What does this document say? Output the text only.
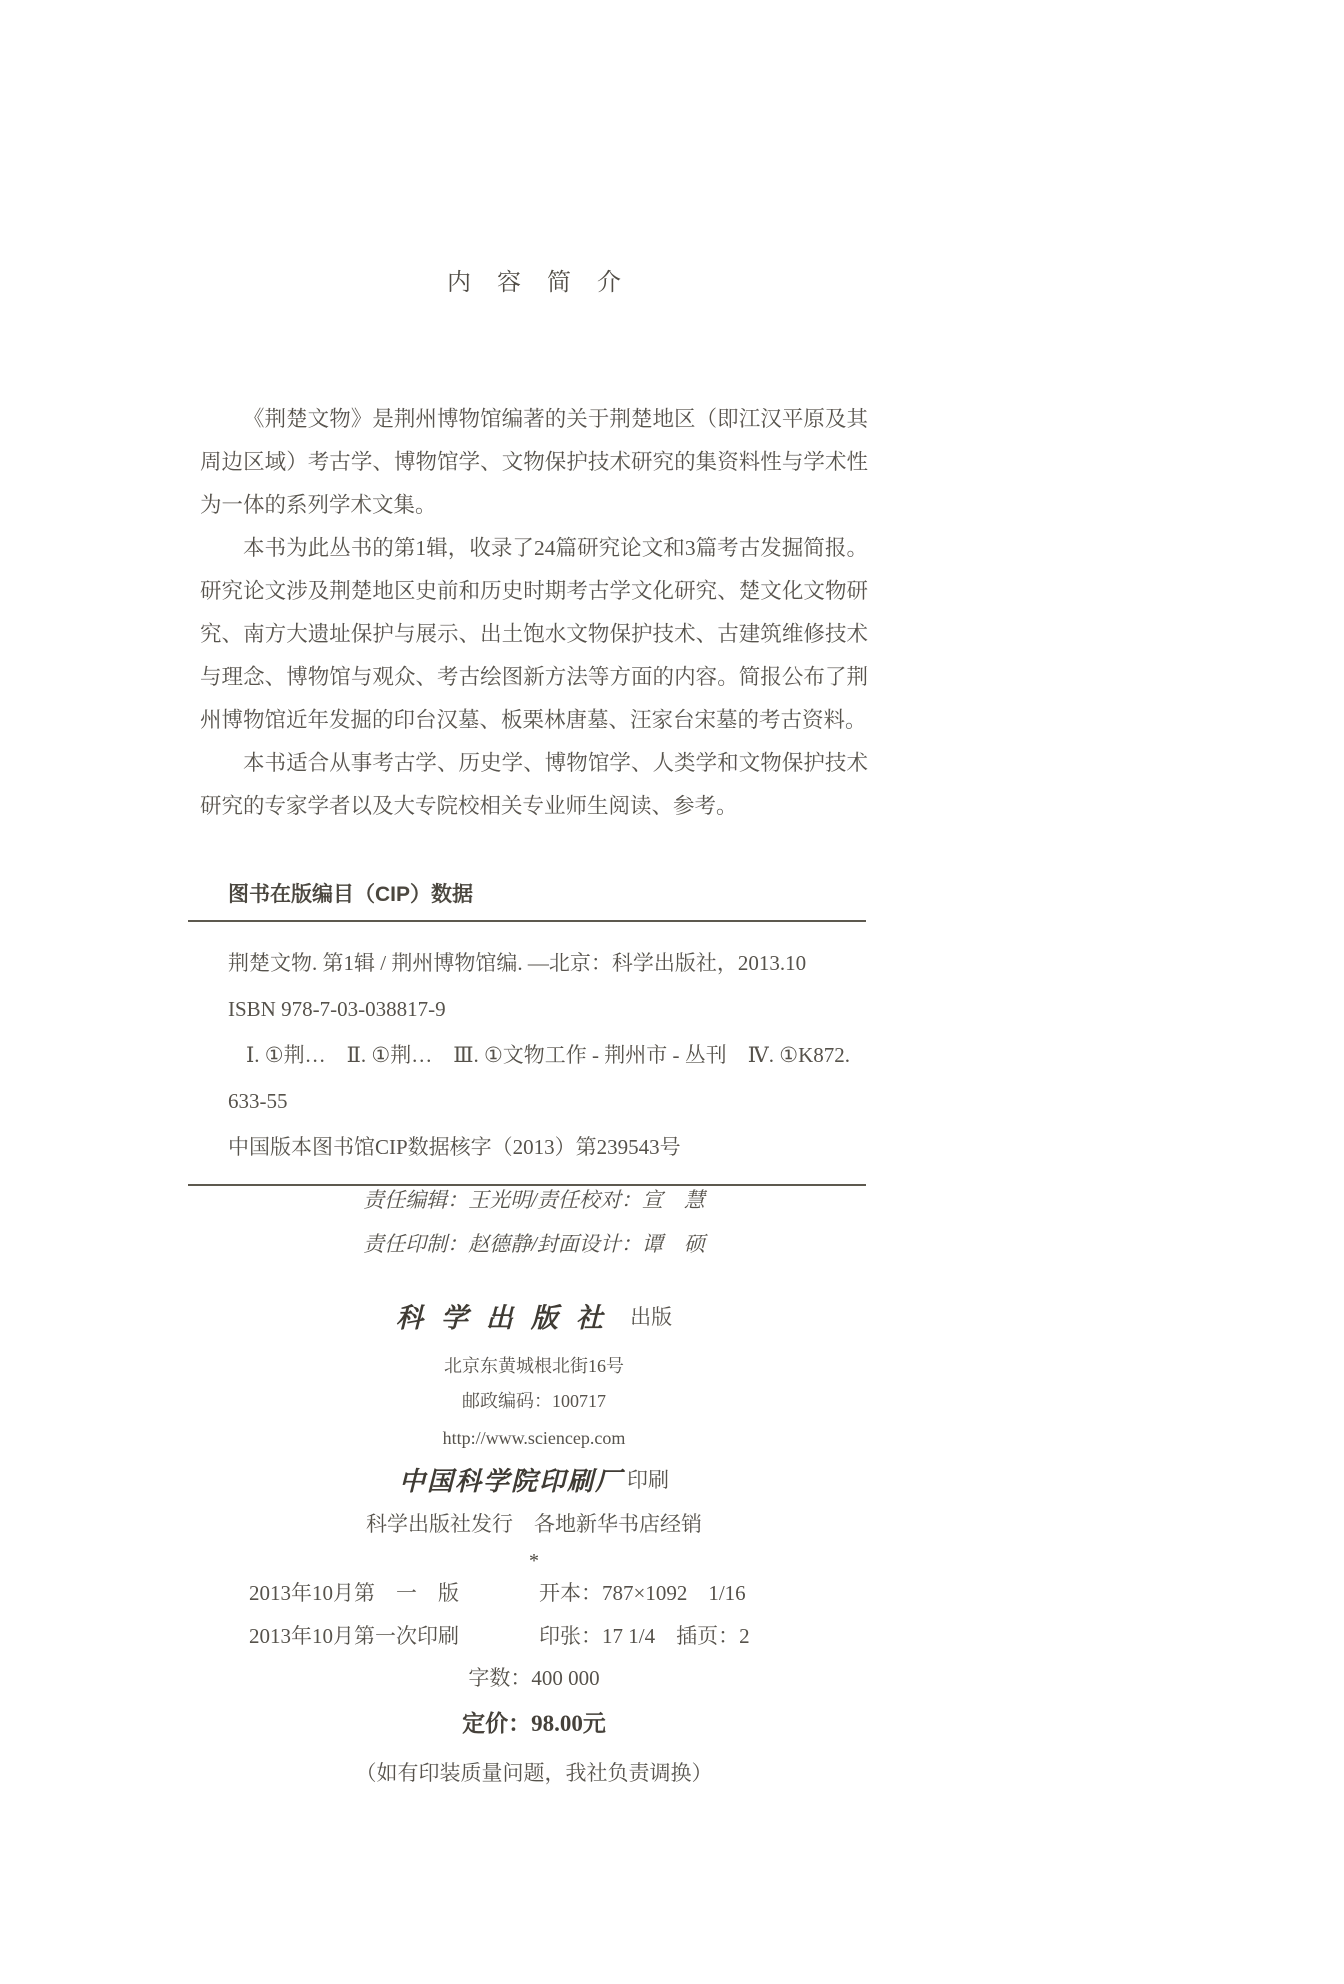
内容简介

《荆楚文物》是荆州博物馆编著的关于荆楚地区（即江汉平原及其周边区域）考古学、博物馆学、文物保护技术研究的集资料性与学术性为一体的系列学术文集。

本书为此丛书的第1辑，收录了24篇研究论文和3篇考古发掘简报。研究论文涉及荆楚地区史前和历史时期考古学文化研究、楚文化文物研究、南方大遗址保护与展示、出土饱水文物保护技术、古建筑维修技术与理念、博物馆与观众、考古绘图新方法等方面的内容。简报公布了荆州博物馆近年发掘的印台汉墓、板栗林唐墓、汪家台宋墓的考古资料。

本书适合从事考古学、历史学、博物馆学、人类学和文物保护技术研究的专家学者以及大专院校相关专业师生阅读、参考。

图书在版编目（CIP）数据
荆楚文物. 第1辑 / 荆州博物馆编. —北京：科学出版社，2013.10
ISBN 978-7-03-038817-9
Ⅰ. ①荆…　Ⅱ. ①荆…　Ⅲ. ①文物工作 - 荆州市 - 丛刊　Ⅳ. ①K872.
633-55
中国版本图书馆CIP数据核字（2013）第239543号
责任编辑：王光明/责任校对：宣　慧
责任印制：赵德静/封面设计：谭　硕

科学出版社 出版

北京东黄城根北街16号

邮政编码：100717

http://www.sciencep.com

中国科学院印刷厂 印刷

科学出版社发行　各地新华书店经销

*

2013年10月第　一　版	开本：787×1092　1/16
2013年10月第一次印刷	印张：17 1/4　插页：2
字数：400 000
定价：98.00元
（如有印装质量问题，我社负责调换）
